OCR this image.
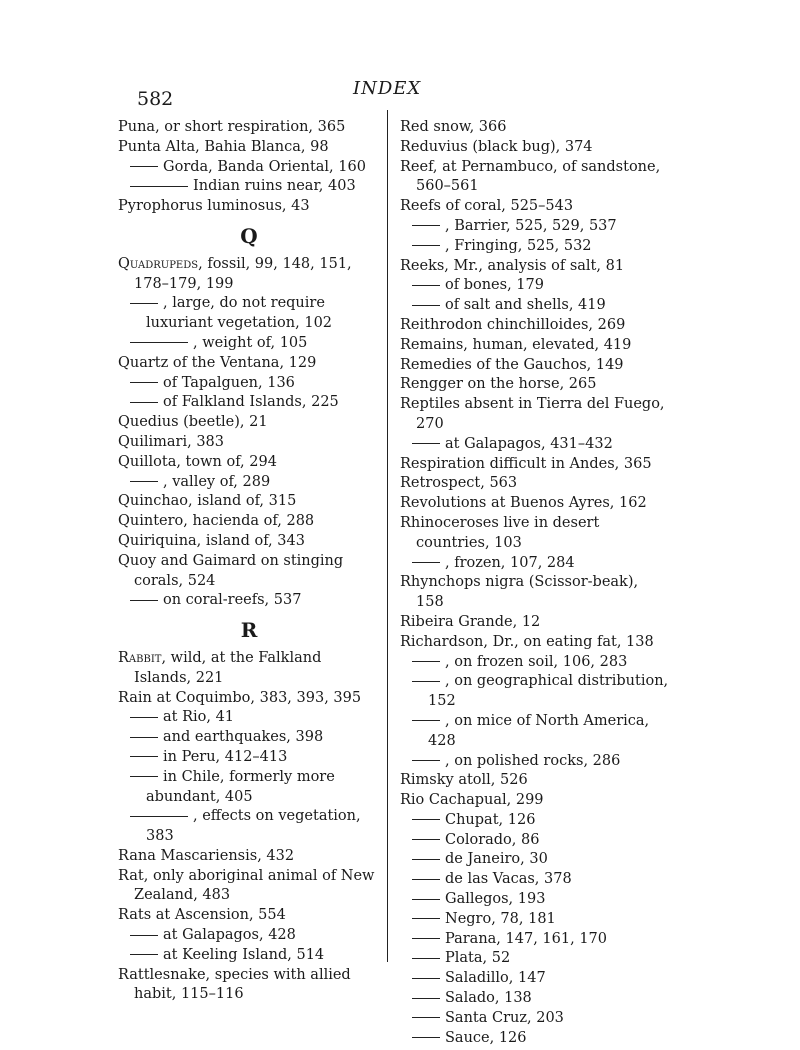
582	INDEX
Puna, or short respiration, 365
Punta Alta, Bahia Blanca, 98
Gorda, Banda Oriental, 160
Indian ruins near, 403
Pyrophorus luminosus, 43
Q
Quadrupeds, fossil, 99, 148, 151, 178–179, 199
, large, do not require luxuriant vegetation, 102
, weight of, 105
Quartz of the Ventana, 129
of Tapalguen, 136
of Falkland Islands, 225
Quedius (beetle), 21
Quilimari, 383
Quillota, town of, 294
, valley of, 289
Quinchao, island of, 315
Quintero, hacienda of, 288
Quiriquina, island of, 343
Quoy and Gaimard on stinging corals, 524
on coral-reefs, 537
R
Rabbit, wild, at the Falkland Islands, 221
Rain at Coquimbo, 383, 393, 395
at Rio, 41
and earthquakes, 398
in Peru, 412–413
in Chile, formerly more abundant, 405
, effects on vegetation, 383
Rana Mascariensis, 432
Rat, only aboriginal animal of New Zealand, 483
Rats at Ascension, 554
at Galapagos, 428
at Keeling Island, 514
Rattlesnake, species with allied habit, 115–116
Red snow, 366
Reduvius (black bug), 374
Reef, at Pernambuco, of sandstone, 560–561
Reefs of coral, 525–543
, Barrier, 525, 529, 537
, Fringing, 525, 532
Reeks, Mr., analysis of salt, 81
of bones, 179
of salt and shells, 419
Reithrodon chinchilloides, 269
Remains, human, elevated, 419
Remedies of the Gauchos, 149
Rengger on the horse, 265
Reptiles absent in Tierra del Fuego, 270
at Galapagos, 431–432
Respiration difficult in Andes, 365
Retrospect, 563
Revolutions at Buenos Ayres, 162
Rhinoceroses live in desert countries, 103
, frozen, 107, 284
Rhynchops nigra (Scissor-beak), 158
Ribeira Grande, 12
Richardson, Dr., on eating fat, 138
, on frozen soil, 106, 283
, on geographical distribution, 152
, on mice of North America, 428
, on polished rocks, 286
Rimsky atoll, 526
Rio Cachapual, 299
Chupat, 126
Colorado, 86
de Janeiro, 30
de las Vacas, 378
Gallegos, 193
Negro, 78, 181
Parana, 147, 161, 170
Plata, 52
Saladillo, 147
Salado, 138
Santa Cruz, 203
Sauce, 126
